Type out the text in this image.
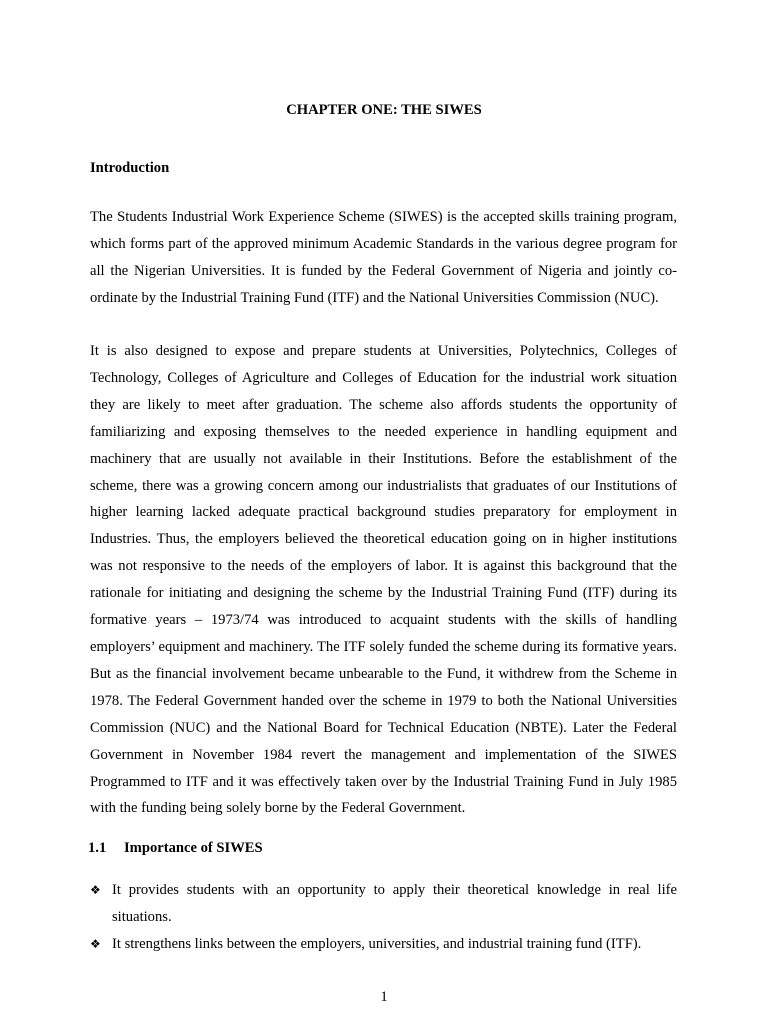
CHAPTER ONE: THE SIWES
Introduction

The Students Industrial Work Experience Scheme (SIWES) is the accepted skills training program, which forms part of the approved minimum Academic Standards in the various degree program for all the Nigerian Universities. It is funded by the Federal Government of Nigeria and jointly co-ordinate by the Industrial Training Fund (ITF) and the National Universities Commission (NUC).

It is also designed to expose and prepare students at Universities, Polytechnics, Colleges of Technology, Colleges of Agriculture and Colleges of Education for the industrial work situation they are likely to meet after graduation. The scheme also affords students the opportunity of familiarizing and exposing themselves to the needed experience in handling equipment and machinery that are usually not available in their Institutions. Before the establishment of the scheme, there was a growing concern among our industrialists that graduates of our Institutions of higher learning lacked adequate practical background studies preparatory for employment in Industries. Thus, the employers believed the theoretical education going on in higher institutions was not responsive to the needs of the employers of labor. It is against this background that the rationale for initiating and designing the scheme by the Industrial Training Fund (ITF) during its formative years – 1973/74 was introduced to acquaint students with the skills of handling employers’ equipment and machinery. The ITF solely funded the scheme during its formative years. But as the financial involvement became unbearable to the Fund, it withdrew from the Scheme in 1978. The Federal Government handed over the scheme in 1979 to both the National Universities Commission (NUC) and the National Board for Technical Education (NBTE). Later the Federal Government in November 1984 revert the management and implementation of the SIWES Programmed to ITF and it was effectively taken over by the Industrial Training Fund in July 1985 with the funding being solely borne by the Federal Government.

1.1 Importance of SIWES
❖ It provides students with an opportunity to apply their theoretical knowledge in real life situations.
❖ It strengthens links between the employers, universities, and industrial training fund (ITF).
1
